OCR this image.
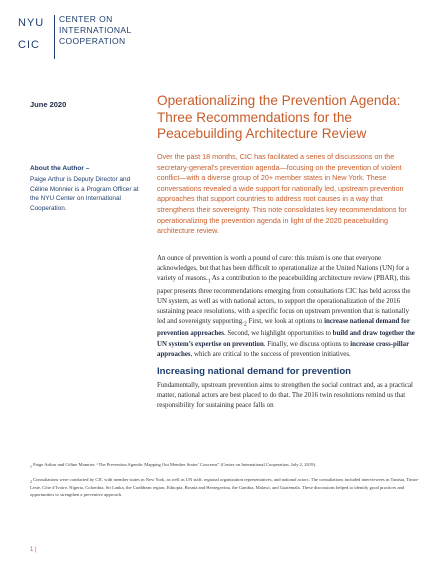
NYU
CIC
CENTER ON
INTERNATIONAL
COOPERATION
June 2020	Operationalizing the Prevention Agenda: Three Recommendations for the Peacebuilding Architecture Review
About the Author –
Paige Arthur is Deputy Director and Céline Monnier is a Program Officer at the NYU Center on International Cooperation.

Over the past 18 months, CIC has facilitated a series of discussions on the secretary-general’s prevention agenda—focusing on the prevention of violent conflict—with a diverse group of 20+ member states in New York. These conversations revealed a wide support for nationally led, upstream prevention approaches that support countries to address root causes in a way that strengthens their sovereignty. This note consolidates key recommendations for operationalizing the prevention agenda in light of the 2020 peacebuilding architecture review.

An ounce of prevention is worth a pound of cure: this truism is one that everyone acknowledges, but that has been difficult to operationalize at the United Nations (UN) for a variety of $reasons._1$ As a contribution to the peacebuilding architecture review (PBAR), this paper presents three recommendations emerging from consultations CIC has held across the UN system, as well as with national actors, to support the operationalization of the 2016 sustaining peace resolutions, with a specific focus on upstream prevention that is nationally led and sovereignty $supporting._2$ First, we look at options to increase national demand for prevention approaches. Second, we highlight opportunities to build and draw together the UN system’s expertise on prevention. Finally, we discuss options to increase cross-pillar approaches, which are critical to the success of prevention initiatives.

Increasing national demand for prevention

Fundamentally, upstream prevention aims to strengthen the social contract and, as a practical matter, national actors are best placed to do that. The 2016 twin resolutions remind us that responsibility for sustaining peace falls on

$_1$ Paige Arthur and Céline Monnier, “The Prevention Agenda: Mapping Out Member States’ Concerns” (Center on International Cooperation, July 2, 2019).

$_2$ Consultations were conducted by CIC with member states in New York, as well as UN staff, regional organization representatives, and national actors. The consultations included interviewees in Tunisia, Timor-Leste, Côte d’Ivoire, Nigeria, Colombia, Sri Lanka, the Caribbean region, Ethiopia, Bosnia and Herzegovina, the Gambia, Malawi, and Guatemala. These discussions helped to identify good practices and opportunities to strengthen a preventive approach.

1 |
